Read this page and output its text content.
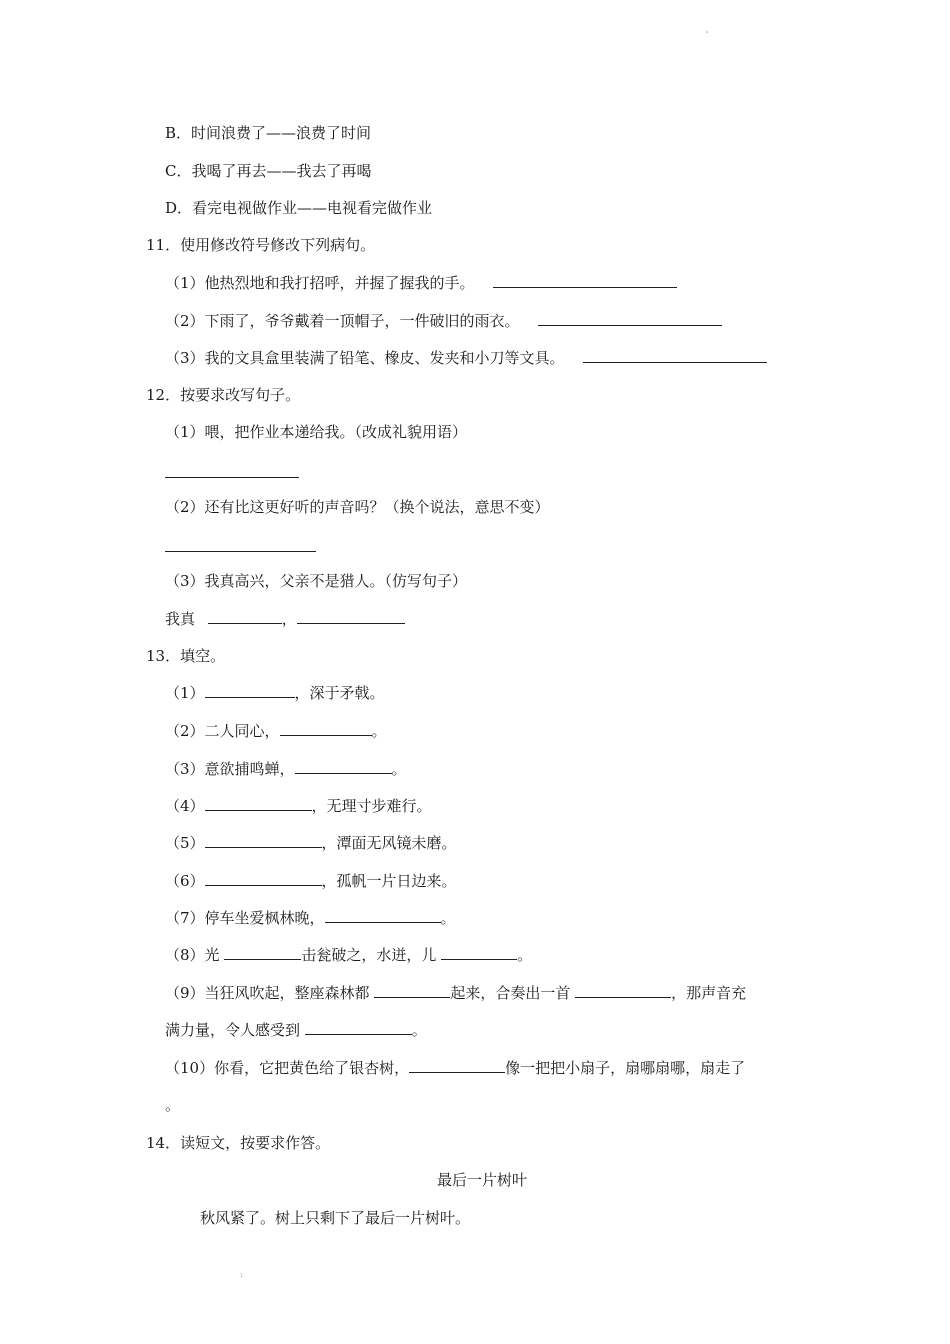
'
B．时间浪费了——浪费了时间
C．我喝了再去——我去了再喝
D．看完电视做作业——电视看完做作业
11．使用修改符号修改下列病句。
（1）他热烈地和我打招呼，并握了握我的手。
（2）下雨了，爷爷戴着一顶帽子，一件破旧的雨衣。
（3）我的文具盒里装满了铅笔、橡皮、发夹和小刀等文具。
12．按要求改写句子。
（1）喂，把作业本递给我。（改成礼貌用语）
（2）还有比这更好听的声音吗？（换个说法，意思不变）
（3）我真高兴，父亲不是猎人。（仿写句子）
我真	，
13．填空。
（1）	，深于矛戟。
（2）二人同心，	。
（3）意欲捕鸣蝉，	。
（4）	，无理寸步难行。
（5）	，潭面无风镜未磨。
（6）	，孤帆一片日边来。
（7）停车坐爱枫林晚，	。
（8）光	击瓮破之，水迸，儿	。
（9）当狂风吹起，整座森林都	起来，合奏出一首	，那声音充
满力量，令人感受到	。
（10）你看，它把黄色给了银杏树，	像一把把小扇子，扇哪扇哪，扇走了
。
14．读短文，按要求作答。
最后一片树叶
秋风紧了。树上只剩下了最后一片树叶。
:
